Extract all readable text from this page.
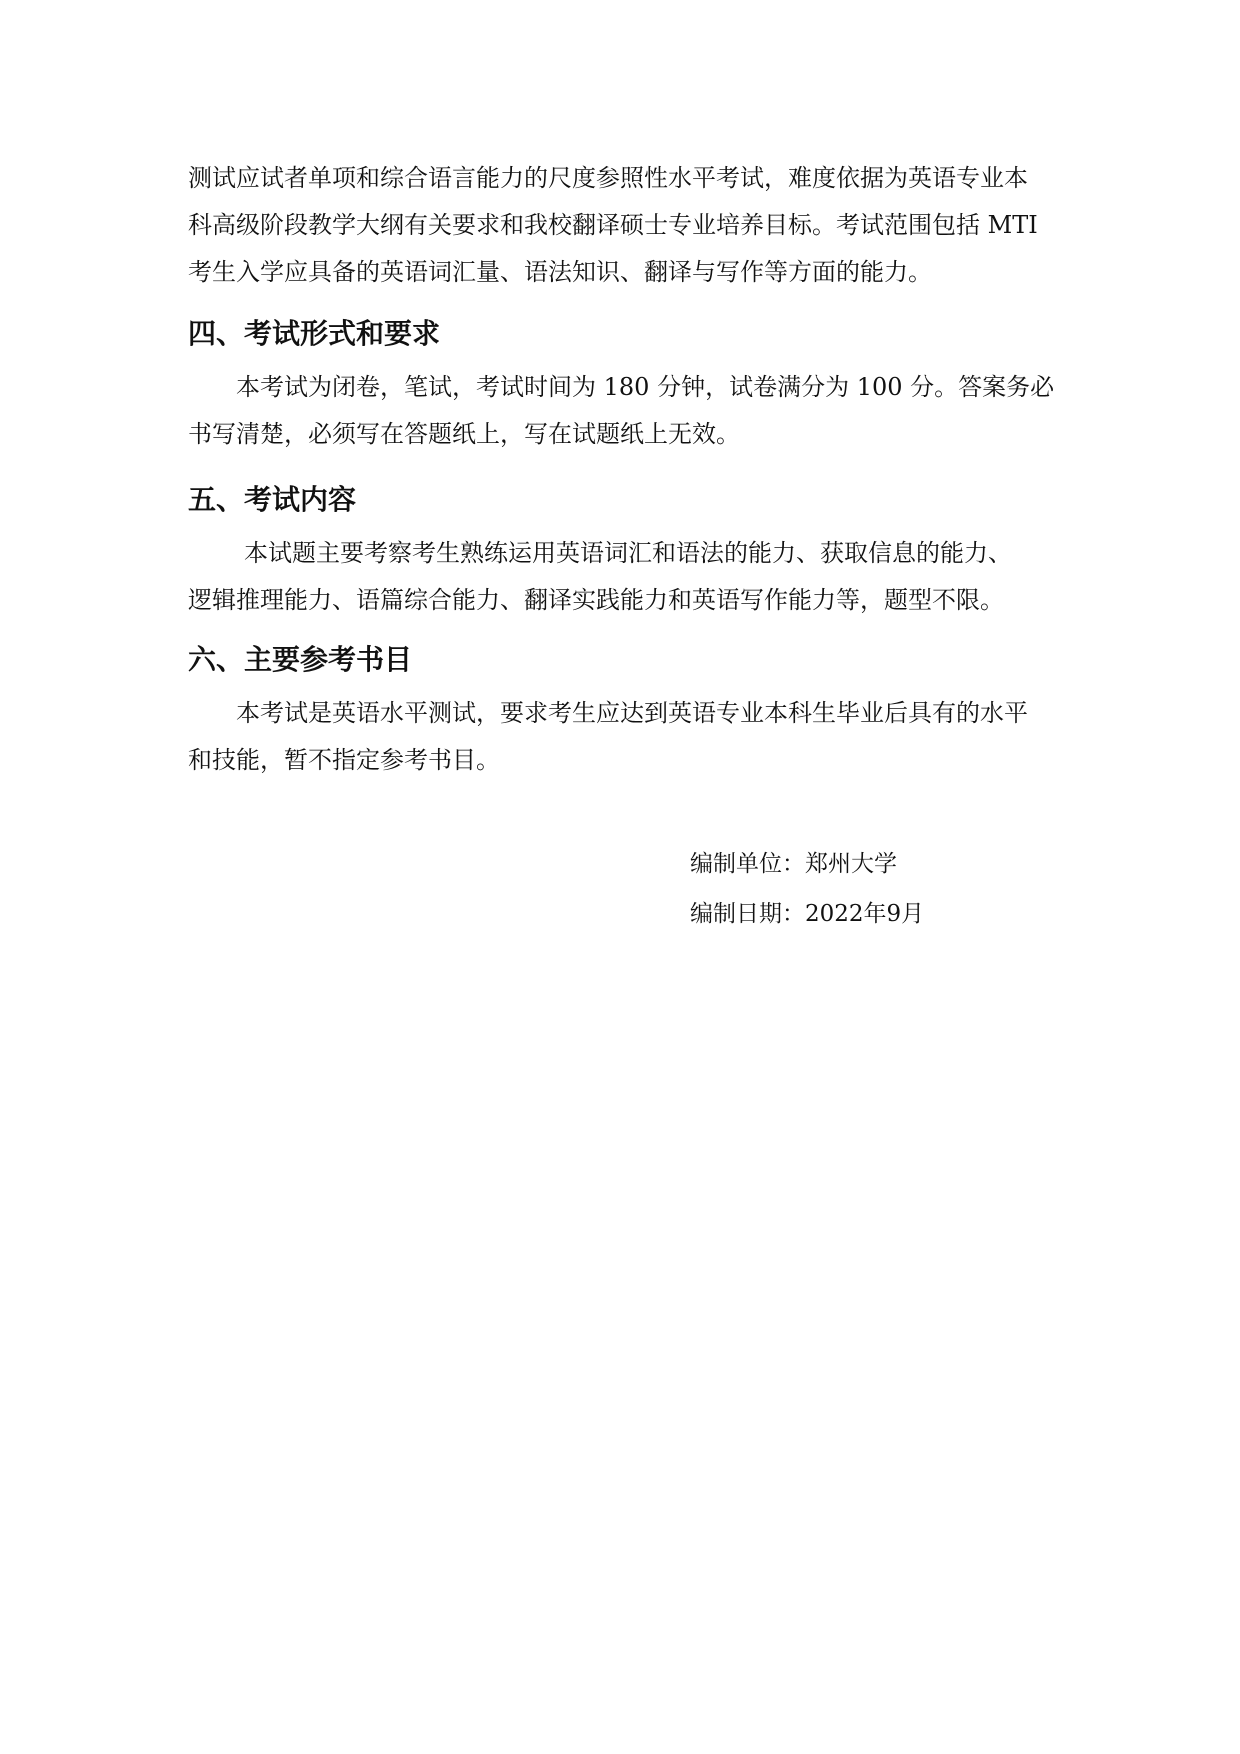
测试应试者单项和综合语言能力的尺度参照性水平考试，难度依据为英语专业本
科高级阶段教学大纲有关要求和我校翻译硕士专业培养目标。考试范围包括 MTI
考生入学应具备的英语词汇量、语法知识、翻译与写作等方面的能力。
四、考试形式和要求
本考试为闭卷，笔试，考试时间为 180 分钟，试卷满分为 100 分。答案务必
书写清楚，必须写在答题纸上，写在试题纸上无效。
五、考试内容
本试题主要考察考生熟练运用英语词汇和语法的能力、获取信息的能力、
逻辑推理能力、语篇综合能力、翻译实践能力和英语写作能力等，题型不限。
六、主要参考书目
本考试是英语水平测试，要求考生应达到英语专业本科生毕业后具有的水平
和技能，暂不指定参考书目。
编制单位：郑州大学
编制日期：2022年9月
